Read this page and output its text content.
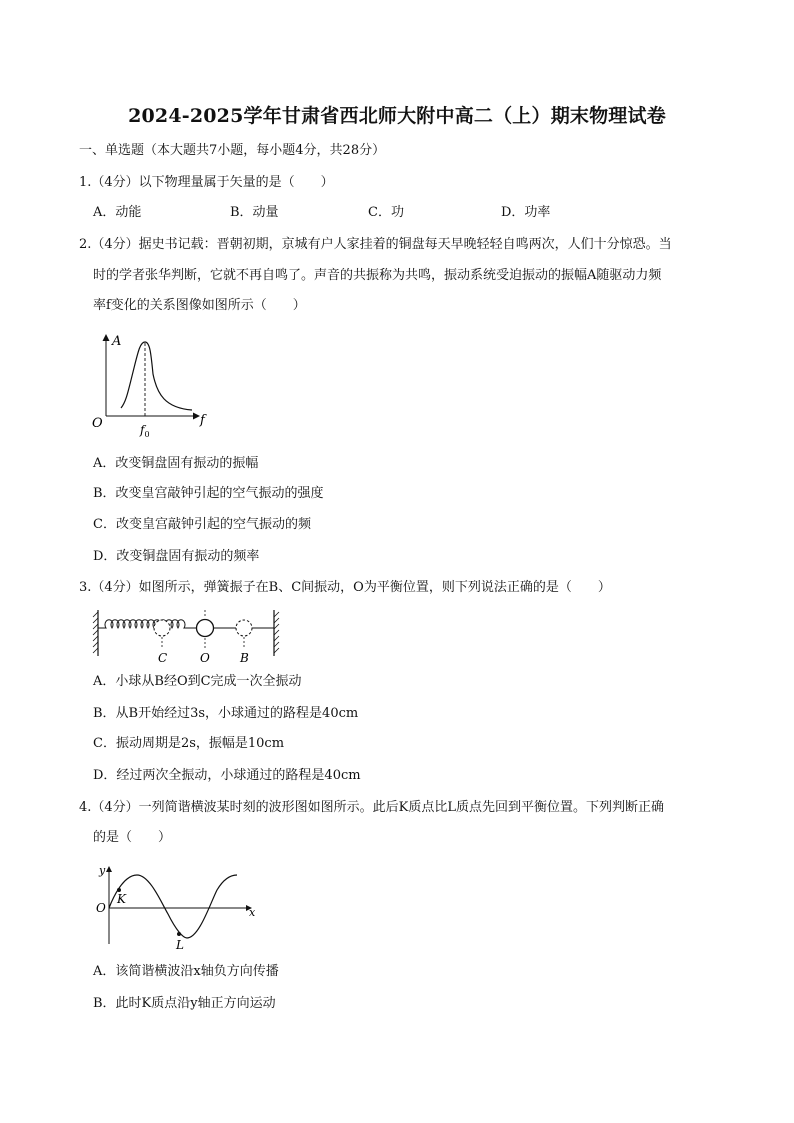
2024-2025学年甘肃省西北师大附中高二（上）期末物理试卷
一、单选题（本大题共7小题，每小题4分，共28分）
1.（4分）以下物理量属于矢量的是（　　）
A．动能	B．动量	C．功	D．功率
2.（4分）据史书记载：晋朝初期，京城有户人家挂着的铜盘每天早晚轻轻自鸣两次，人们十分惊恐。当
时的学者张华判断，它就不再自鸣了。声音的共振称为共鸣，振动系统受迫振动的振幅A随驱动力频
率f变化的关系图像如图所示（　　）
A
O	f
$f_0$
A．改变铜盘固有振动的振幅
B．改变皇宫敲钟引起的空气振动的强度
C．改变皇宫敲钟引起的空气振动的频
D．改变铜盘固有振动的频率
3.（4分）如图所示，弹簧振子在B、C间振动，O为平衡位置，则下列说法正确的是（　　）
C	O	B
A．小球从B经O到C完成一次全振动
B．从B开始经过3s，小球通过的路程是40cm
C．振动周期是2s，振幅是10cm
D．经过两次全振动，小球通过的路程是40cm
4.（4分）一列简谐横波某时刻的波形图如图所示。此后K质点比L质点先回到平衡位置。下列判断正确
的是（　　）
y
O	x
K
L
A．该简谐横波沿x轴负方向传播
B．此时K质点沿y轴正方向运动
